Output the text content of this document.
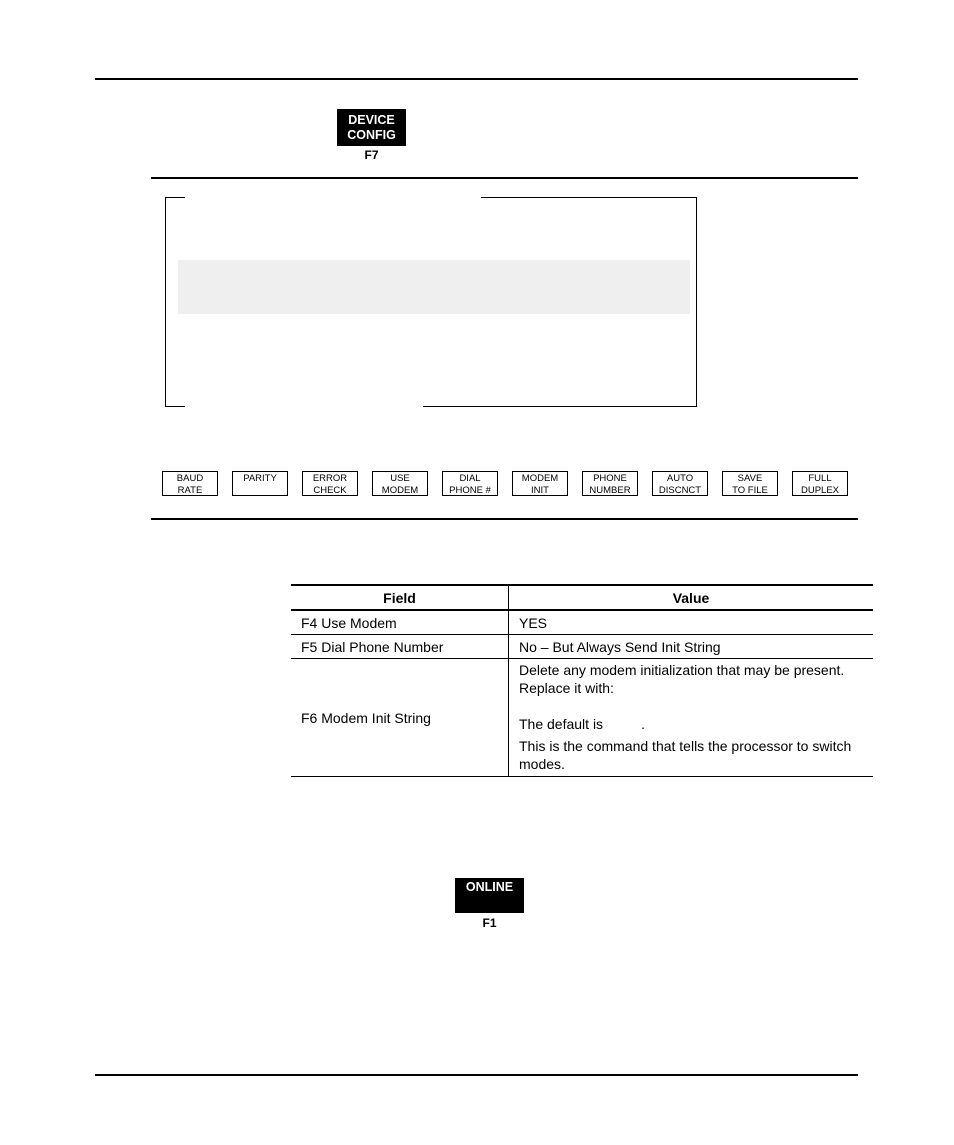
DEVICE
CONFIG
F7
BAUD
RATE
PARITY	ERROR
CHECK
USE
MODEM
DIAL
PHONE #
MODEM
INIT
PHONE
NUMBER
AUTO
DISCNCT
SAVE
TO FILE
FULL
DUPLEX
Field	Value
F4 Use Modem	YES
F5 Dial Phone Number	No – But Always Send Init String
F6 Modem Init String	Delete any modem initialization that may be present. Replace it with:
The default is .
This is the command that tells the processor to switch modes.
ONLINE
F1
